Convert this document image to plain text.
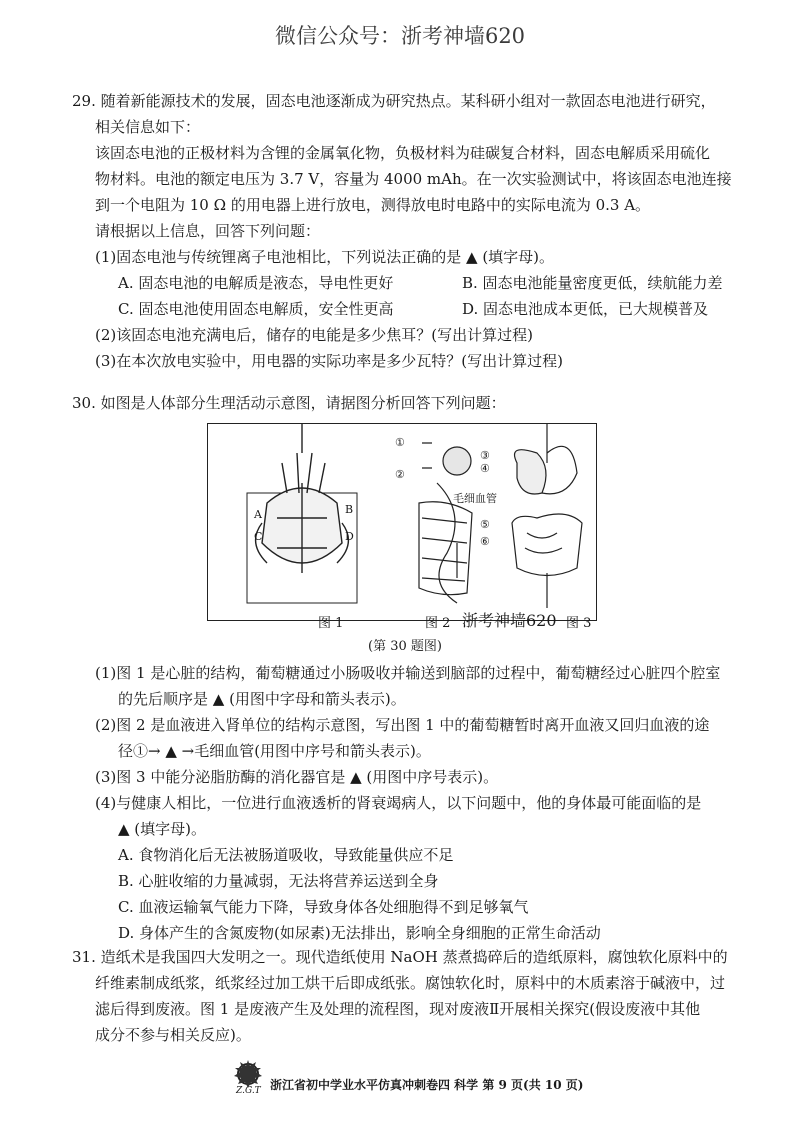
微信公众号：浙考神墙620
29. 随着新能源技术的发展，固态电池逐渐成为研究热点。某科研小组对一款固态电池进行研究，
相关信息如下：
该固态电池的正极材料为含锂的金属氧化物，负极材料为硅碳复合材料，固态电解质采用硫化
物材料。电池的额定电压为 3.7 V，容量为 4000 mAh。在一次实验测试中，将该固态电池连接
到一个电阻为 10 Ω 的用电器上进行放电，测得放电时电路中的实际电流为 0.3 A。
请根据以上信息，回答下列问题：
(1)固态电池与传统锂离子电池相比，下列说法正确的是 ▲ (填字母)。
A. 固态电池的电解质是液态，导电性更好	B. 固态电池能量密度更低，续航能力差
C. 固态电池使用固态电解质，安全性更高	D. 固态电池成本更低，已大规模普及
(2)该固态电池充满电后，储存的电能是多少焦耳？(写出计算过程)
(3)在本次放电实验中，用电器的实际功率是多少瓦特？(写出计算过程)
30. 如图是人体部分生理活动示意图，请据图分析回答下列问题：
A	B
C	D
①
②
③
④
⑤
⑥
毛细血管
图 1	图 2 浙考神墙620 图 3
(第 30 题图)
(1)图 1 是心脏的结构，葡萄糖通过小肠吸收并输送到脑部的过程中，葡萄糖经过心脏四个腔室
的先后顺序是 ▲ (用图中字母和箭头表示)。
(2)图 2 是血液进入肾单位的结构示意图，写出图 1 中的葡萄糖暂时离开血液又回归血液的途
径①→ ▲ →毛细血管(用图中序号和箭头表示)。
(3)图 3 中能分泌脂肪酶的消化器官是 ▲ (用图中序号表示)。
(4)与健康人相比，一位进行血液透析的肾衰竭病人，以下问题中，他的身体最可能面临的是
▲ (填字母)。
A. 食物消化后无法被肠道吸收，导致能量供应不足
B. 心脏收缩的力量减弱，无法将营养运送到全身
C. 血液运输氧气能力下降，导致身体各处细胞得不到足够氧气
D. 身体产生的含氮废物(如尿素)无法排出，影响全身细胞的正常生命活动
31. 造纸术是我国四大发明之一。现代造纸使用 NaOH 蒸煮捣碎后的造纸原料，腐蚀软化原料中的
纤维素制成纸浆，纸浆经过加工烘干后即成纸张。腐蚀软化时，原料中的木质素溶于碱液中，过
滤后得到废液。图 1 是废液产生及处理的流程图，现对废液Ⅱ开展相关探究(假设废液中其他
成分不参与相关反应)。
Z.G.T 浙江省初中学业水平仿真冲刺卷四 科学 第 9 页(共 10 页)
